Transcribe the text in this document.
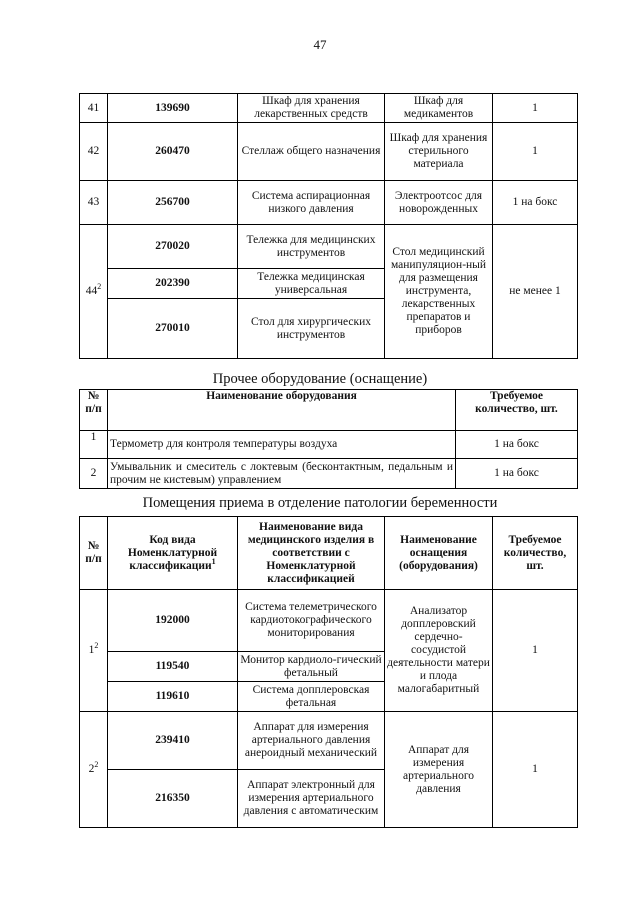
47
41	139690	Шкаф для хранения лекарственных средств	Шкаф для медикаментов	1
42	260470	Стеллаж общего назначения	Шкаф для хранения стерильного материала	1
43	256700	Система аспирационная низкого давления	Электроотсос для новорожденных	1 на бокс
$44^2$	270020	Тележка для медицинских инструментов	Стол медицинский манипуляцион-ный для размещения инструмента, лекарственных препаратов и приборов	не менее 1
	202390	Тележка медицинская универсальная		
	270010	Стол для хирургических инструментов		
Прочее оборудование (оснащение)
№ п/п	Наименование оборудования	Требуемое количество, шт.
1	Термометр для контроля температуры воздуха	1 на бокс
2	Умывальник и смеситель с локтевым (бесконтактным, педальным и прочим не кистевым) управлением	1 на бокс
Помещения приема в отделение патологии беременности
№ п/п	Код вида Номенклатурной классификации$^1$	Наименование вида медицинского изделия в соответствии с Номенклатурной классификацией	Наименование оснащения (оборудования)	Требуемое количество, шт.
$1^2$	192000	Система телеметрического кардиотокографического мониторирования	Анализатор допплеровский сердечно-сосудистой деятельности матери и плода малогабаритный	1
	119540	Монитор кардиоло-гический фетальный		
	119610	Система допплеровская фетальная		
$2^2$	239410	Аппарат для измерения артериального давления анероидный механический	Аппарат для измерения артериального давления	1
	216350	Аппарат электронный для измерения артериального давления с автоматическим		
